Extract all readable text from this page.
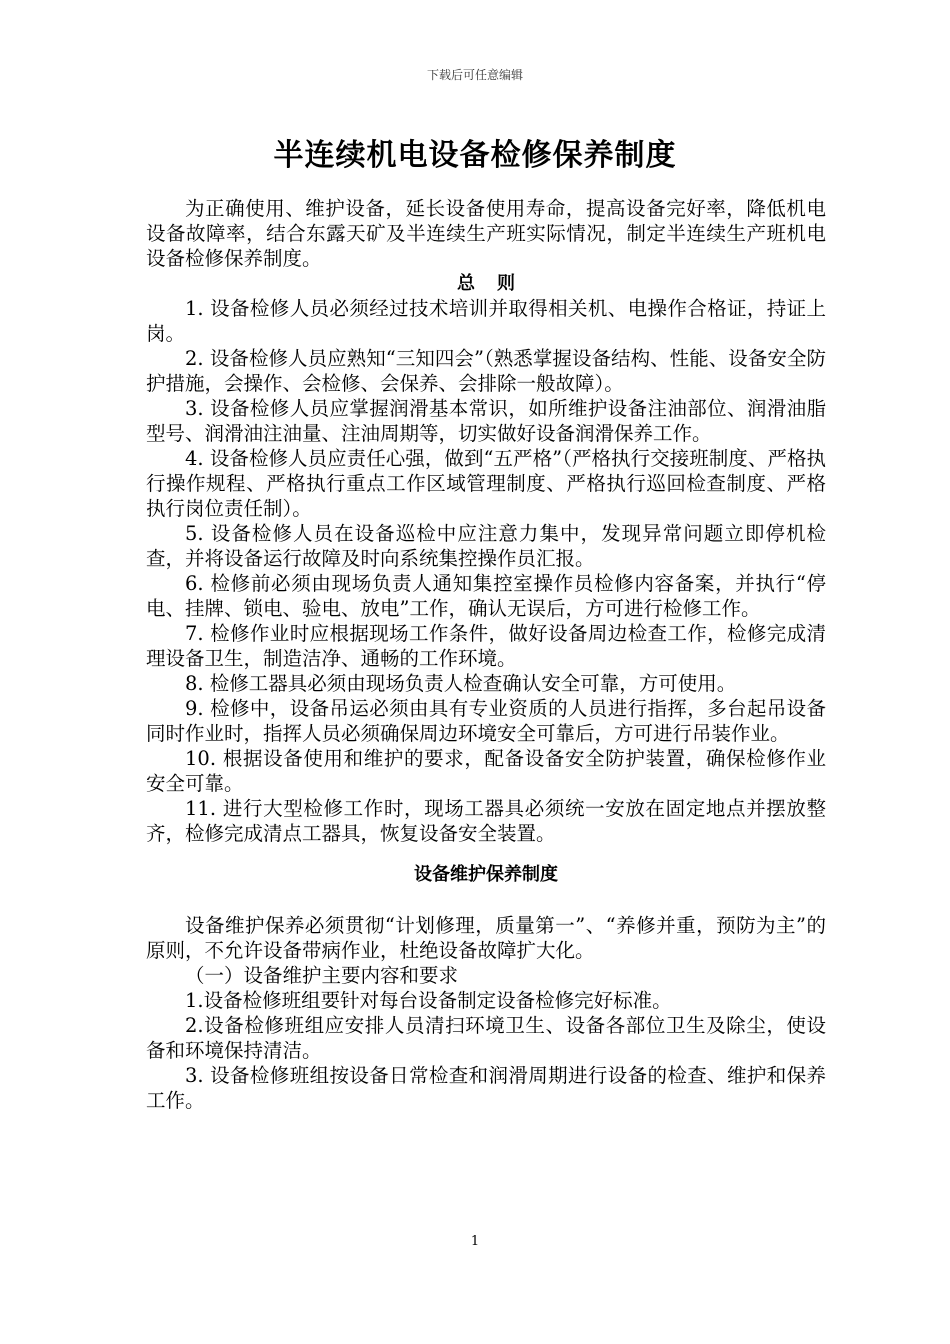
下载后可任意编辑
半连续机电设备检修保养制度

为正确使用、维护设备，延长设备使用寿命，提高设备完好率，降低机电设备故障率，结合东露天矿及半连续生产班实际情况，制定半连续生产班机电设备检修保养制度。

总则

1. 设备检修人员必须经过技术培训并取得相关机、电操作合格证，持证上岗。

2. 设备检修人员应熟知“三知四会”（熟悉掌握设备结构、性能、设备安全防护措施，会操作、会检修、会保养、会排除一般故障）。

3. 设备检修人员应掌握润滑基本常识，如所维护设备注油部位、润滑油脂型号、润滑油注油量、注油周期等，切实做好设备润滑保养工作。

4. 设备检修人员应责任心强，做到“五严格”（严格执行交接班制度、严格执行操作规程、严格执行重点工作区域管理制度、严格执行巡回检查制度、严格执行岗位责任制）。

5. 设备检修人员在设备巡检中应注意力集中，发现异常问题立即停机检查，并将设备运行故障及时向系统集控操作员汇报。

6. 检修前必须由现场负责人通知集控室操作员检修内容备案，并执行“停电、挂牌、锁电、验电、放电”工作，确认无误后，方可进行检修工作。

7. 检修作业时应根据现场工作条件，做好设备周边检查工作，检修完成清理设备卫生，制造洁净、通畅的工作环境。

8. 检修工器具必须由现场负责人检查确认安全可靠，方可使用。

9. 检修中，设备吊运必须由具有专业资质的人员进行指挥，多台起吊设备同时作业时，指挥人员必须确保周边环境安全可靠后，方可进行吊装作业。

10. 根据设备使用和维护的要求，配备设备安全防护装置，确保检修作业安全可靠。

11. 进行大型检修工作时，现场工器具必须统一安放在固定地点并摆放整齐，检修完成清点工器具，恢复设备安全装置。

设备维护保养制度

设备维护保养必须贯彻“计划修理，质量第一”、“养修并重，预防为主”的原则，不允许设备带病作业，杜绝设备故障扩大化。

（一）设备维护主要内容和要求

1.设备检修班组要针对每台设备制定设备检修完好标准。

2.设备检修班组应安排人员清扫环境卫生、设备各部位卫生及除尘，使设备和环境保持清洁。

3. 设备检修班组按设备日常检查和润滑周期进行设备的检查、维护和保养工作。

1
